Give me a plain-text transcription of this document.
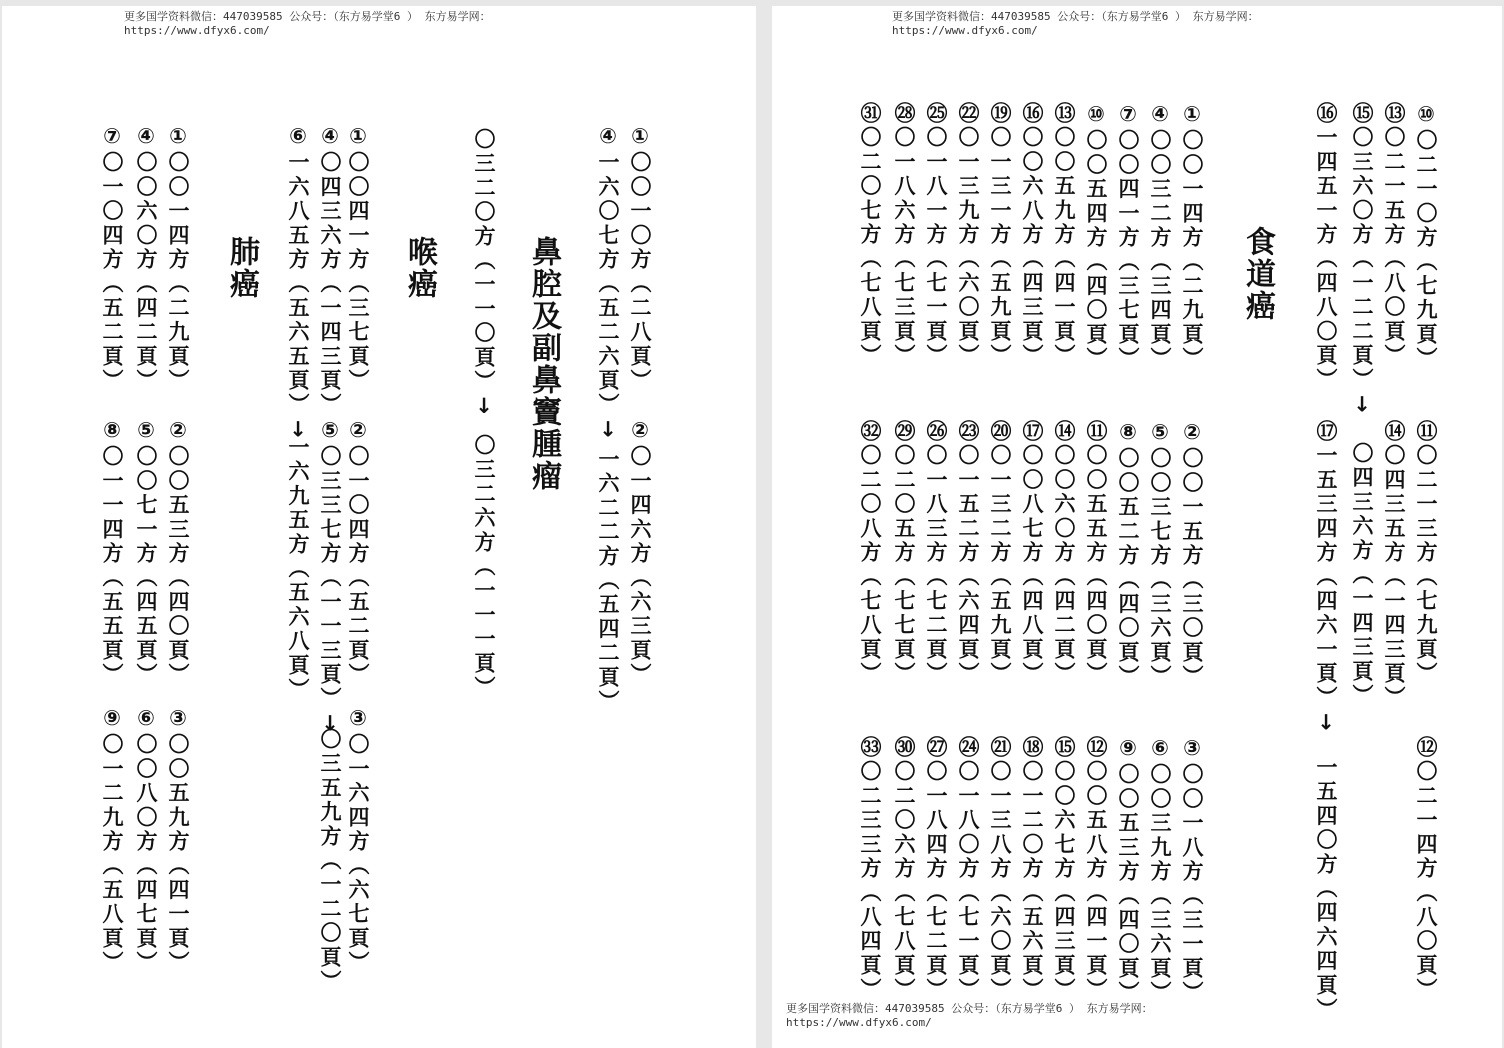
更多国学资料微信：447039585 公众号：（东方易学堂6 ） 东方易学网：
https://www.dfyx6.com/
鼻腔及副鼻竇腫瘤	①〇〇一〇方（二八頁）
②〇一四六方（六三頁）
④一六〇七方（五二六頁）↓
一六二二方（五四二頁）
〇三二〇方（一一〇頁）↓
〇三二六方（一一一頁）
喉癌
①〇〇四一方（三七頁）
②〇一〇四方（五二頁）
③〇一六四方（六七頁）
④〇四三六方（一四三頁）
⑤〇三三七方（一一三頁）↓
〇三五九方（一二〇頁）
⑥一六八五方（五六五頁）↓
一六九五方（五六八頁）
肺癌
①〇〇一四方（二九頁）
②〇〇五三方（四〇頁）
③〇〇五九方（四一頁）
④〇〇六〇方（四二頁）
⑤〇〇七一方（四五頁）
⑥〇〇八〇方（四七頁）
⑦〇一〇四方（五二頁）
⑧〇一一四方（五五頁）
⑨〇一二九方（五八頁）
更多国学资料微信：447039585 公众号：（东方易学堂6 ） 东方易学网：
https://www.dfyx6.com/
食道癌	⑩〇二一〇方（七九頁）
⑪〇二一三方（七九頁）
⑫〇二一四方（八〇頁）
⑬〇二一五方（八〇頁）
⑭〇四三五方（一四三頁）
⑮〇三六〇方（一二二頁）↓
〇四三六方（一四三頁）
⑯一四五一方（四八〇頁）
⑰一五三四方（四六一頁）↓
一五四〇方（四六四頁）
①〇〇一四方（二九頁）
②〇〇一五方（三〇頁）
③〇〇一八方（三一頁）
④〇〇三二方（三四頁）
⑤〇〇三七方（三六頁）
⑥〇〇三九方（三六頁）
⑦〇〇四一方（三七頁）
⑧〇〇五二方（四〇頁）
⑨〇〇五三方（四〇頁）
⑩〇〇五四方（四〇頁）
⑪〇〇五五方（四〇頁）
⑫〇〇五八方（四一頁）
⑬〇〇五九方（四一頁）
⑭〇〇六〇方（四二頁）
⑮〇〇六七方（四三頁）
⑯〇〇六八方（四三頁）
⑰〇〇八七方（四八頁）
⑱〇一二〇方（五六頁）
⑲〇一三一方（五九頁）
⑳〇一三二方（五九頁）
㉑〇一三八方（六〇頁）
㉒〇一三九方（六〇頁）
㉓〇一五二方（六四頁）
㉔〇一八〇方（七一頁）
㉕〇一八一方（七一頁）
㉖〇一八三方（七二頁）
㉗〇一八四方（七二頁）
㉘〇一八六方（七三頁）
㉙〇二〇五方（七七頁）
㉚〇二〇六方（七八頁）
㉛〇二〇七方（七八頁）
㉜〇二〇八方（七八頁）
㉝〇二三三方（八四頁）
更多国学资料微信：447039585 公众号：（东方易学堂6 ） 东方易学网：
https://www.dfyx6.com/
